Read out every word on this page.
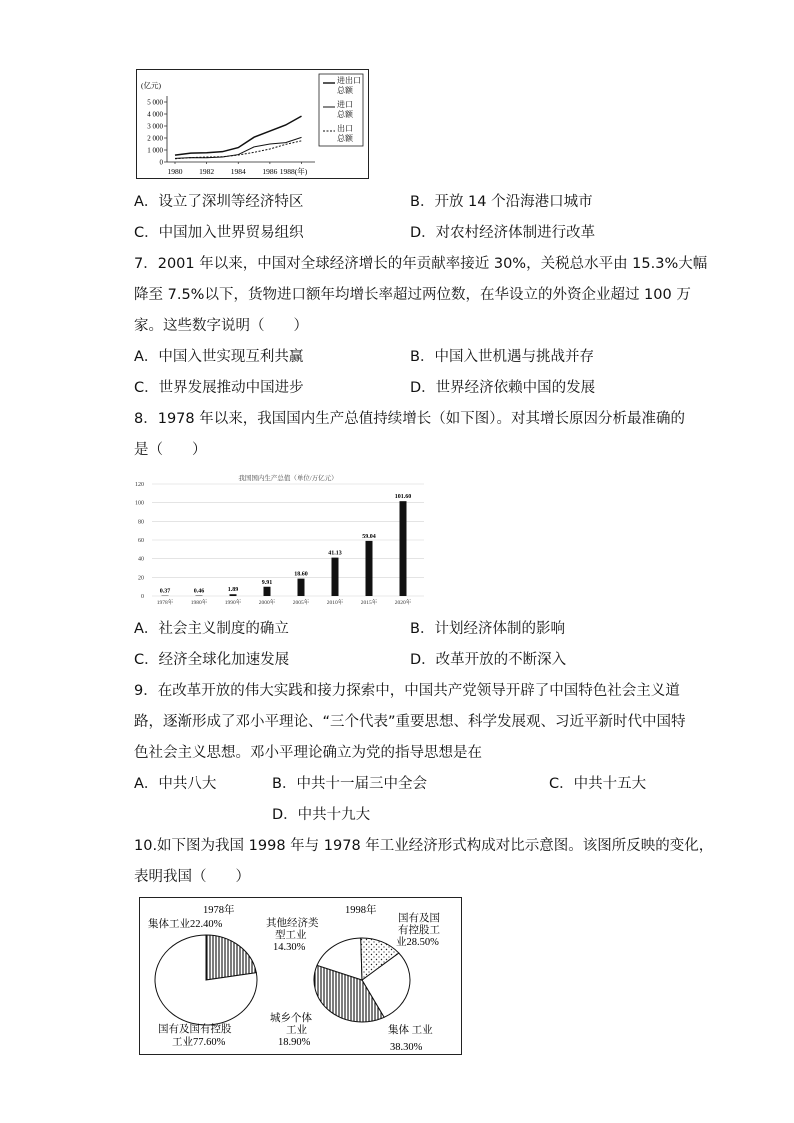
(亿元)
5 000
4 000
3 000
2 000
1 000
0
1980 1982 1984 1986 1988(年)
进出口
总额
进口
总额
出口
总额
A．设立了深圳等经济特区	B．开放 14 个沿海港口城市
C．中国加入世界贸易组织	D．对农村经济体制进行改革
7．2001 年以来，中国对全球经济增长的年贡献率接近 30%，关税总水平由 15.3%大幅
降至 7.5%以下，货物进口额年均增长率超过两位数，在华设立的外资企业超过 100 万
家。这些数字说明（　　）
A．中国入世实现互利共赢	B．中国入世机遇与挑战并存
C．世界发展推动中国进步	D．世界经济依赖中国的发展
8．1978 年以来，我国国内生产总值持续增长（如下图）。对其增长原因分析最准确的
是（　　）
我国国内生产总值（单位/万亿元）
120
100
80
60
40
20
0
0.37	0.46	1.89
9.91
18.60
41.13
59.04
101.60
1978年	1980年	1990年	2000年	2005年	2010年	2015年	2020年
A．社会主义制度的确立	B．计划经济体制的影响
C．经济全球化加速发展	D．改革开放的不断深入
9．在改革开放的伟大实践和接力探索中，中国共产党领导开辟了中国特色社会主义道
路，逐渐形成了邓小平理论、“三个代表”重要思想、科学发展观、习近平新时代中国特
色社会主义思想。邓小平理论确立为党的指导思想是在
A．中共八大	B．中共十一届三中全会	C．中共十五大
D．中共十九大
10.如下图为我国 1998 年与 1978 年工业经济形式构成对比示意图。该图所反映的变化，
表明我国（　　）
1978年
集体工业22.40%
国有及国有控股
工业77.60%
1998年
其他经济类
型工业
14.30%
国有及国
有控股工
业28.50%
城乡个体
工业
18.90%
集体 工业
38.30%
